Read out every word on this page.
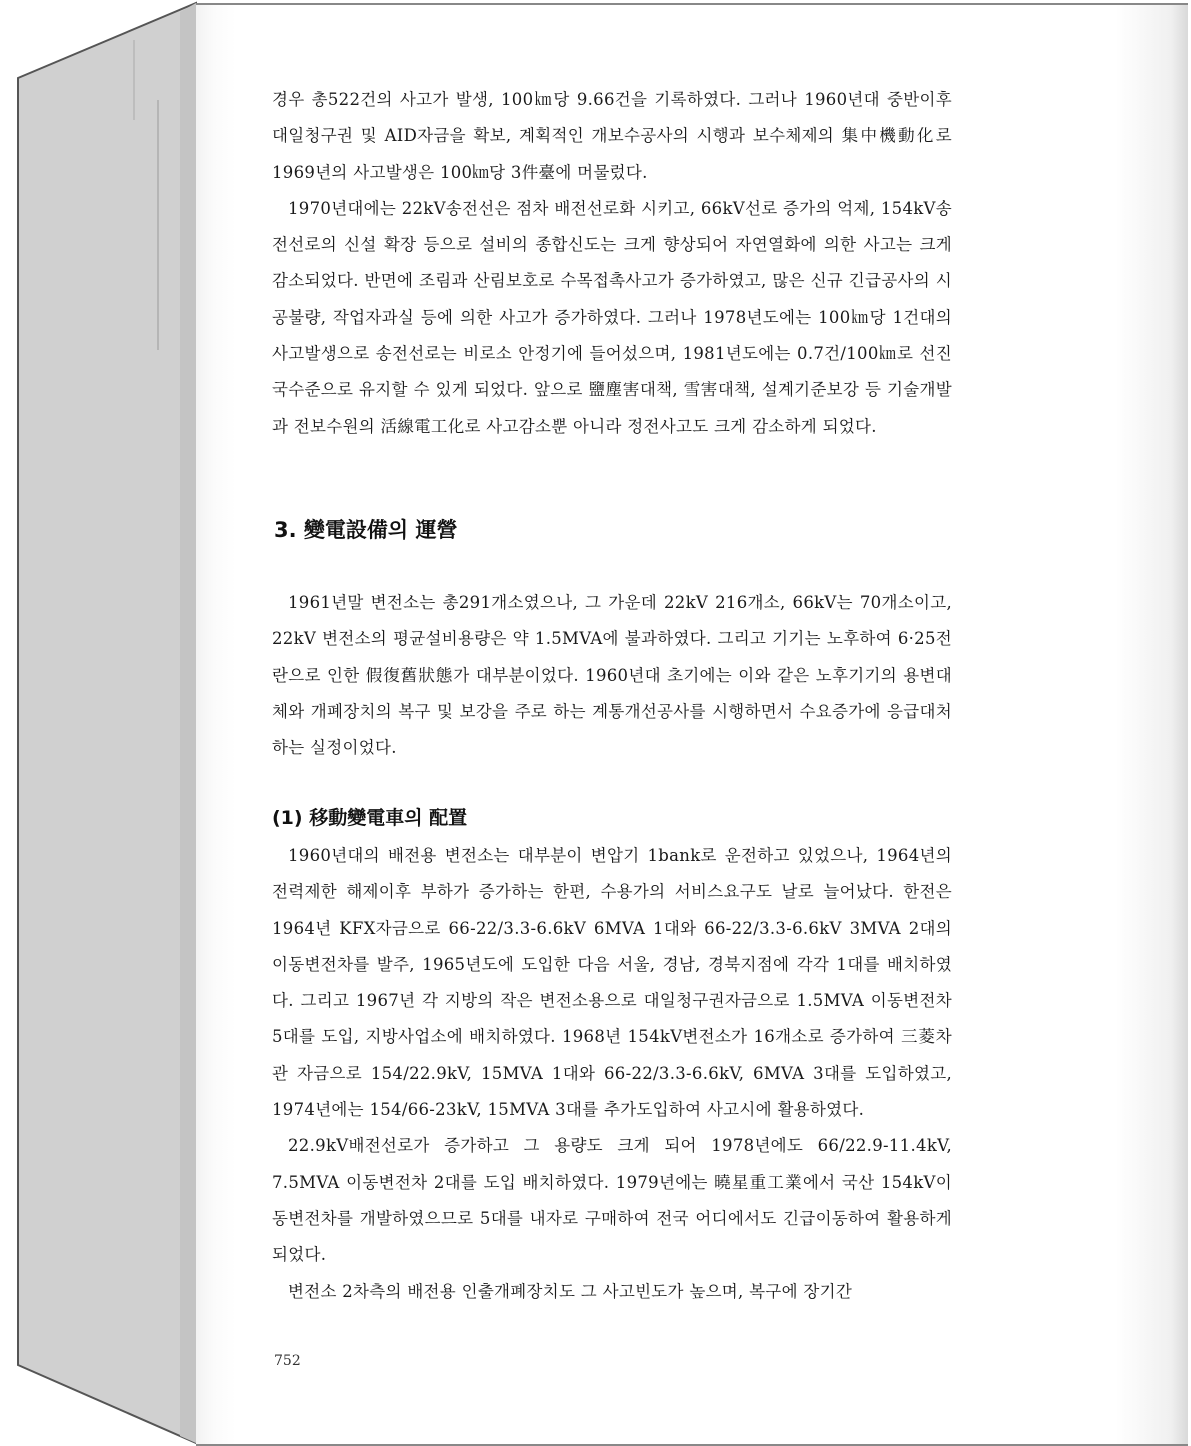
경우 총522건의 사고가 발생, 100㎞당 9.66건을 기록하였다. 그러나 1960년대 중반이후 대일청구권 및 AID자금을 확보, 계획적인 개보수공사의 시행과 보수체제의 集中機動化로 1969년의 사고발생은 100㎞당 3件臺에 머물렀다.

1970년대에는 22kV송전선은 점차 배전선로화 시키고, 66kV선로 증가의 억제, 154kV송전선로의 신설 확장 등으로 설비의 종합신도는 크게 향상되어 자연열화에 의한 사고는 크게 감소되었다. 반면에 조림과 산림보호로 수목접촉사고가 증가하였고, 많은 신규 긴급공사의 시공불량, 작업자과실 등에 의한 사고가 증가하였다. 그러나 1978년도에는 100㎞당 1건대의 사고발생으로 송전선로는 비로소 안정기에 들어섰으며, 1981년도에는 0.7건/100㎞로 선진국수준으로 유지할 수 있게 되었다. 앞으로 鹽塵害대책, 雪害대책, 설계기준보강 등 기술개발과 전보수원의 活線電工化로 사고감소뿐 아니라 정전사고도 크게 감소하게 되었다.

3. 變電設備의 運營

1961년말 변전소는 총291개소였으나, 그 가운데 22kV 216개소, 66kV는 70개소이고, 22kV 변전소의 평균설비용량은 약 1.5MVA에 불과하였다. 그리고 기기는 노후하여 6·25전란으로 인한 假復舊狀態가 대부분이었다. 1960년대 초기에는 이와 같은 노후기기의 용변대체와 개폐장치의 복구 및 보강을 주로 하는 계통개선공사를 시행하면서 수요증가에 응급대처하는 실정이었다.

(1) 移動變電車의 配置

1960년대의 배전용 변전소는 대부분이 변압기 1bank로 운전하고 있었으나, 1964년의 전력제한 해제이후 부하가 증가하는 한편, 수용가의 서비스요구도 날로 늘어났다. 한전은 1964년 KFX자금으로 66-22/3.3-6.6kV 6MVA 1대와 66-22/3.3-6.6kV 3MVA 2대의 이동변전차를 발주, 1965년도에 도입한 다음 서울, 경남, 경북지점에 각각 1대를 배치하였다. 그리고 1967년 각 지방의 작은 변전소용으로 대일청구권자금으로 1.5MVA 이동변전차 5대를 도입, 지방사업소에 배치하였다. 1968년 154kV변전소가 16개소로 증가하여 三菱차관 자금으로 154/22.9kV, 15MVA 1대와 66-22/3.3-6.6kV, 6MVA 3대를 도입하였고, 1974년에는 154/66-23kV, 15MVA 3대를 추가도입하여 사고시에 활용하였다.

22.9kV배전선로가 증가하고 그 용량도 크게 되어 1978년에도 66/22.9-11.4kV, 7.5MVA 이동변전차 2대를 도입 배치하였다. 1979년에는 曉星重工業에서 국산 154kV이동변전차를 개발하였으므로 5대를 내자로 구매하여 전국 어디에서도 긴급이동하여 활용하게 되었다.

변전소 2차측의 배전용 인출개폐장치도 그 사고빈도가 높으며, 복구에 장기간

752
